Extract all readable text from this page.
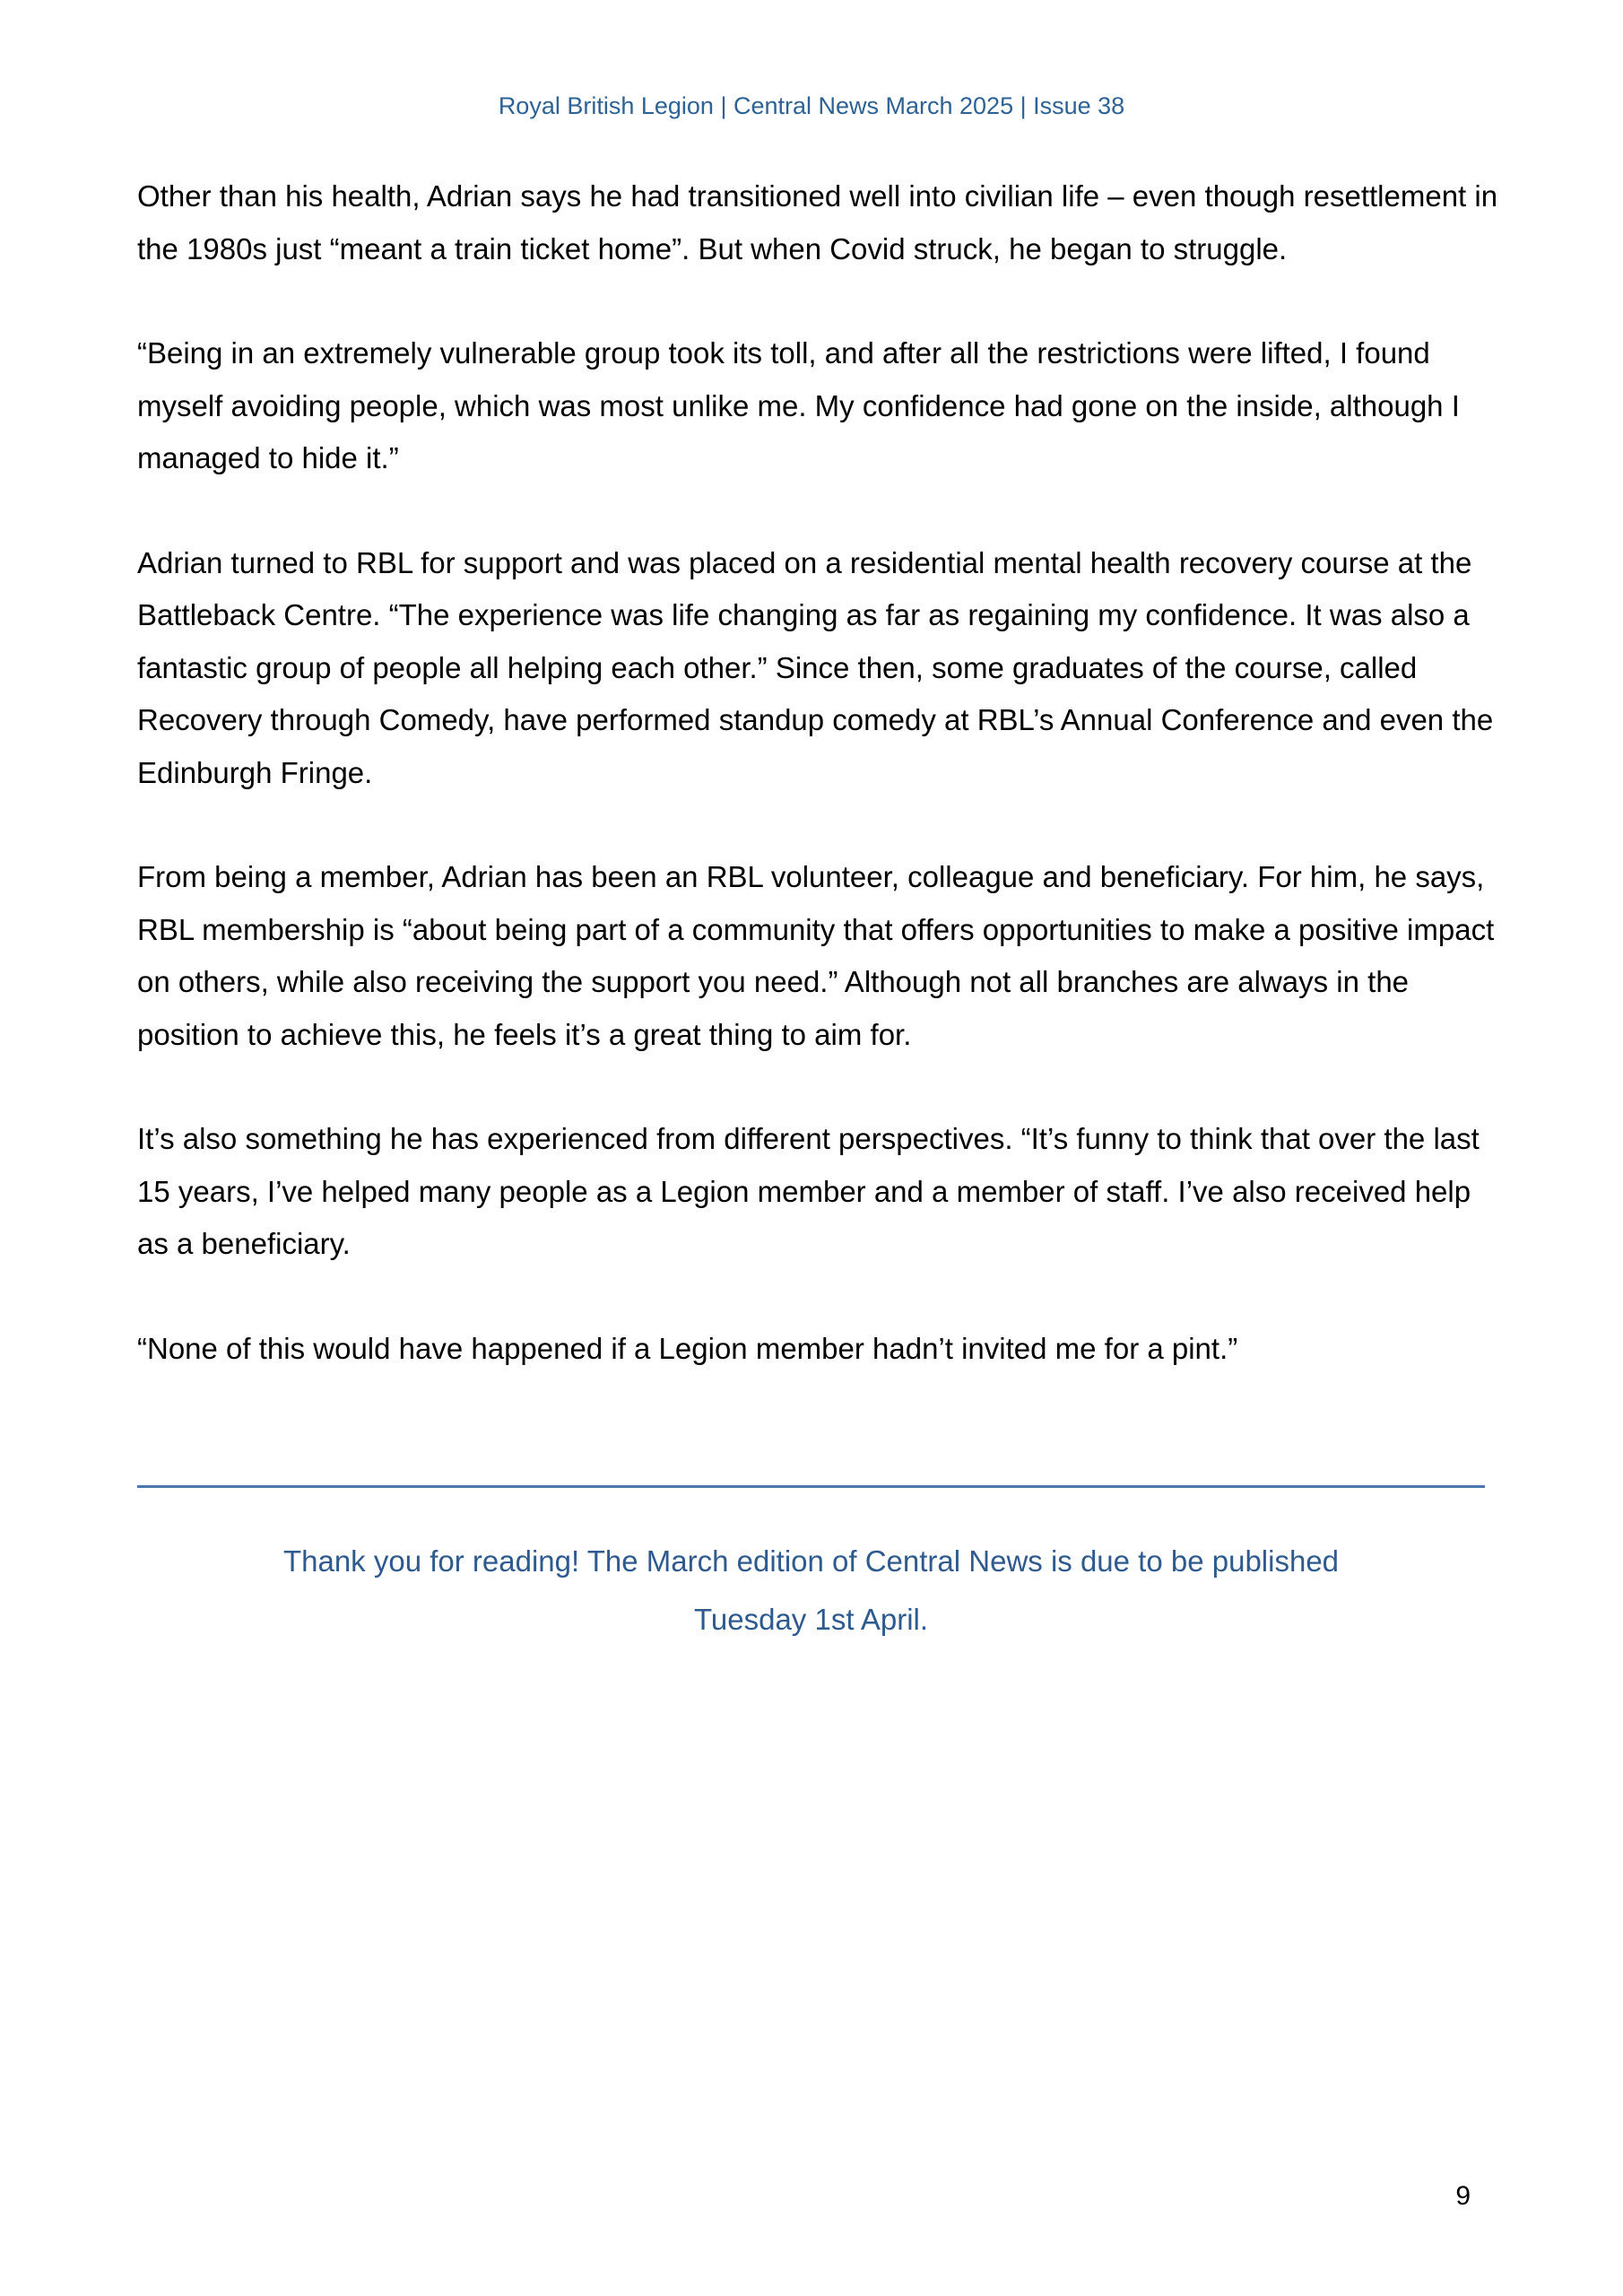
Royal British Legion | Central News March 2025 | Issue 38

Other than his health, Adrian says he had transitioned well into civilian life – even though resettlement in the 1980s just “meant a train ticket home”. But when Covid struck, he began to struggle.

“Being in an extremely vulnerable group took its toll, and after all the restrictions were lifted, I found myself avoiding people, which was most unlike me. My confidence had gone on the inside, although I managed to hide it.”

Adrian turned to RBL for support and was placed on a residential mental health recovery course at the Battleback Centre. “The experience was life changing as far as regaining my confidence. It was also a fantastic group of people all helping each other.” Since then, some graduates of the course, called Recovery through Comedy, have performed standup comedy at RBL’s Annual Conference and even the Edinburgh Fringe.

From being a member, Adrian has been an RBL volunteer, colleague and beneficiary. For him, he says, RBL membership is “about being part of a community that offers opportunities to make a positive impact on others, while also receiving the support you need.” Although not all branches are always in the position to achieve this, he feels it’s a great thing to aim for.

It’s also something he has experienced from different perspectives. “It’s funny to think that over the last 15 years, I’ve helped many people as a Legion member and a member of staff. I’ve also received help as a beneficiary.

“None of this would have happened if a Legion member hadn’t invited me for a pint.”

Thank you for reading! The March edition of Central News is due to be published
Tuesday 1st April.
9
